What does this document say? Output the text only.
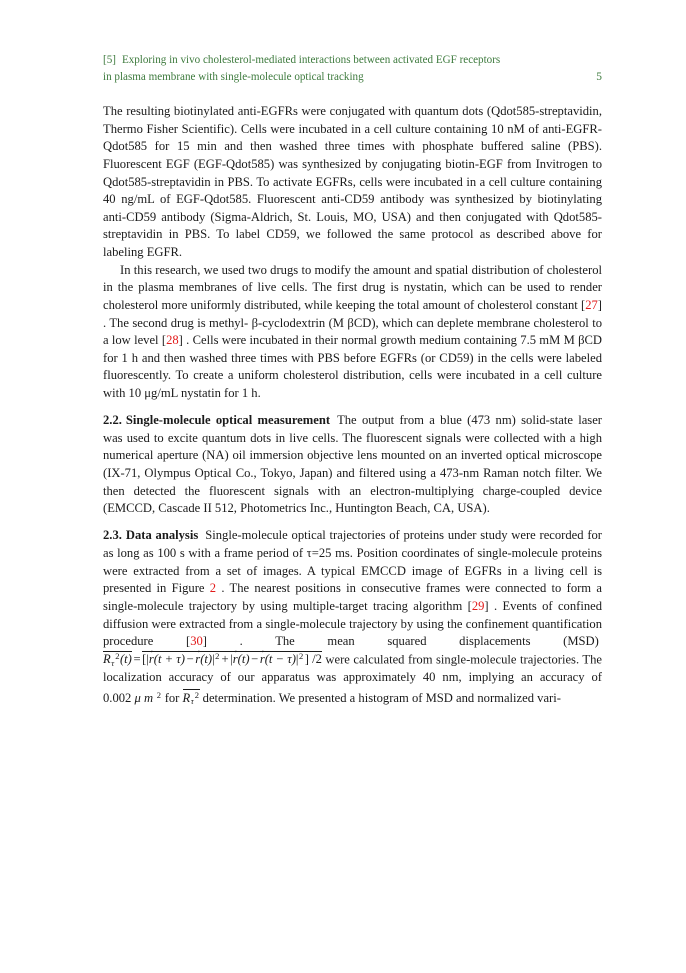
[5] Exploring in vivo cholesterol-mediated interactions between activated EGF receptors
in plasma membrane with single-molecule optical tracking	5

The resulting biotinylated anti-EGFRs were conjugated with quantum dots (Qdot585-streptavidin, Thermo Fisher Scientific). Cells were incubated in a cell culture containing 10 nM of anti-EGFR-Qdot585 for 15 min and then washed three times with phosphate buffered saline (PBS). Fluorescent EGF (EGF-Qdot585) was synthesized by conjugating biotin-EGF from Invitrogen to Qdot585-streptavidin in PBS. To activate EGFRs, cells were incubated in a cell culture containing 40 ng/mL of EGF-Qdot585. Fluorescent anti-CD59 antibody was synthesized by biotinylating anti-CD59 antibody (Sigma-Aldrich, St. Louis, MO, USA) and then conjugated with Qdot585-streptavidin in PBS. To label CD59, we followed the same protocol as described above for labeling EGFR.

In this research, we used two drugs to modify the amount and spatial distribution of cholesterol in the plasma membranes of live cells. The first drug is nystatin, which can be used to render cholesterol more uniformly distributed, while keeping the total amount of cholesterol constant [27] . The second drug is methyl- β-cyclodextrin (M βCD), which can deplete membrane cholesterol to a low level [28] . Cells were incubated in their normal growth medium containing 7.5 mM M βCD for 1 h and then washed three times with PBS before EGFRs (or CD59) in the cells were labeled fluorescently. To create a uniform cholesterol distribution, cells were incubated in a cell culture with 10 μg/mL nystatin for 1 h.

2.2. Single-molecule optical measurement The output from a blue (473 nm) solid-state laser was used to excite quantum dots in live cells. The fluorescent signals were collected with a high numerical aperture (NA) oil immersion objective lens mounted on an inverted optical microscope (IX-71, Olympus Optical Co., Tokyo, Japan) and filtered using a 473-nm Raman notch filter. We then detected the fluorescent signals with an electron-multiplying charge-coupled device (EMCCD, Cascade II 512, Photometrics Inc., Huntington Beach, CA, USA).

2.3. Data analysis Single-molecule optical trajectories of proteins under study were recorded for as long as 100 s with a frame period of τ=25 ms. Position coordinates of single-molecule proteins were extracted from a set of images. A typical EMCCD image of EGFRs in a living cell is presented in Figure 2 . The nearest positions in consecutive frames were connected to form a single-molecule trajectory by using multiple-target tracing algorithm [29] . Events of confined diffusion were extracted from a single-molecule trajectory by using the confinement quantification procedure [30] . The mean squared displacements (MSD) $R_\tau^2(t) = [|r \to(t + \tau) - r \to(t)|^2 + |r \to(t) - r \to(t - \tau)|^2$ ] /2 were calculated from single-molecule trajectories. The localization accuracy of our apparatus was approximately 40 nm, implying an accuracy of 0.002 μ m $^2$ for $R_\tau^2$ determination. We presented a histogram of MSD and normalized vari-
